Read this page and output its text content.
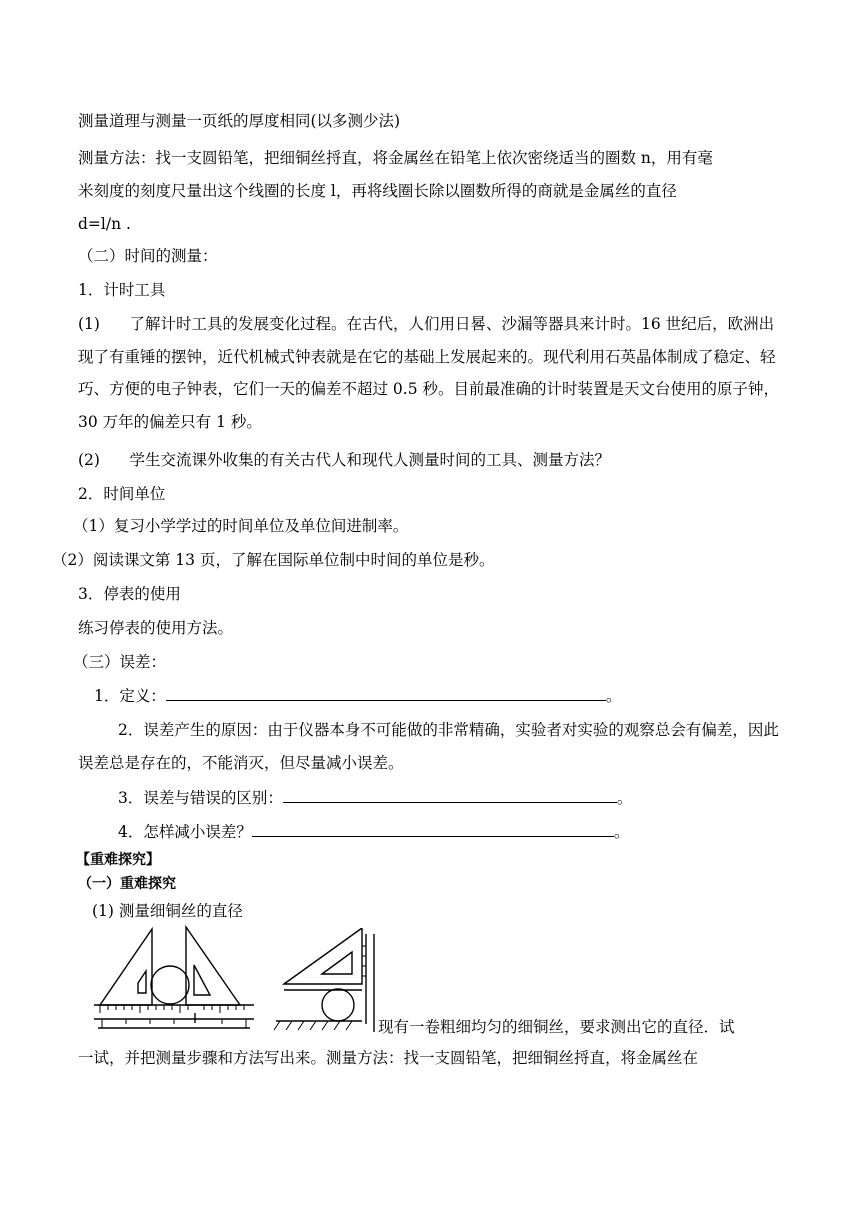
测量道理与测量一页纸的厚度相同(以多测少法)
测量方法：找一支圆铅笔，把细铜丝捋直，将金属丝在铅笔上依次密绕适当的圈数 n，用有毫
米刻度的刻度尺量出这个线圈的长度 l，再将线圈长除以圈数所得的商就是金属丝的直径
d=l/n .
（二）时间的测量：
1．计时工具
(1)      了解计时工具的发展变化过程。在古代，人们用日晷、沙漏等器具来计时。16 世纪后，欧洲出现了有重锤的摆钟，近代机械式钟表就是在它的基础上发展起来的。现代利用石英晶体制成了稳定、轻巧、方便的电子钟表，它们一天的偏差不超过 0.5 秒。目前最准确的计时装置是天文台使用的原子钟，30 万年的偏差只有 1 秒。
(2)      学生交流课外收集的有关古代人和现代人测量时间的工具、测量方法？
2．时间单位
（1）复习小学学过的时间单位及单位间进制率。
（2）阅读课文第 13 页，了解在国际单位制中时间的单位是秒。
3．停表的使用
练习停表的使用方法。
（三）误差：
1．定义：	。
2．误差产生的原因：由于仪器本身不可能做的非常精确，实验者对实验的观察总会有偏差，因此误差总是存在的，不能消灭，但尽量减小误差。
3．误差与错误的区别：	。
4．怎样减小误差？	。
【重难探究】
（一）重难探究
(1) 测量细铜丝的直径
现有一卷粗细均匀的细铜丝，要求测出它的直径．试
一试，并把测量步骤和方法写出来。测量方法：找一支圆铅笔，把细铜丝捋直，将金属丝在
